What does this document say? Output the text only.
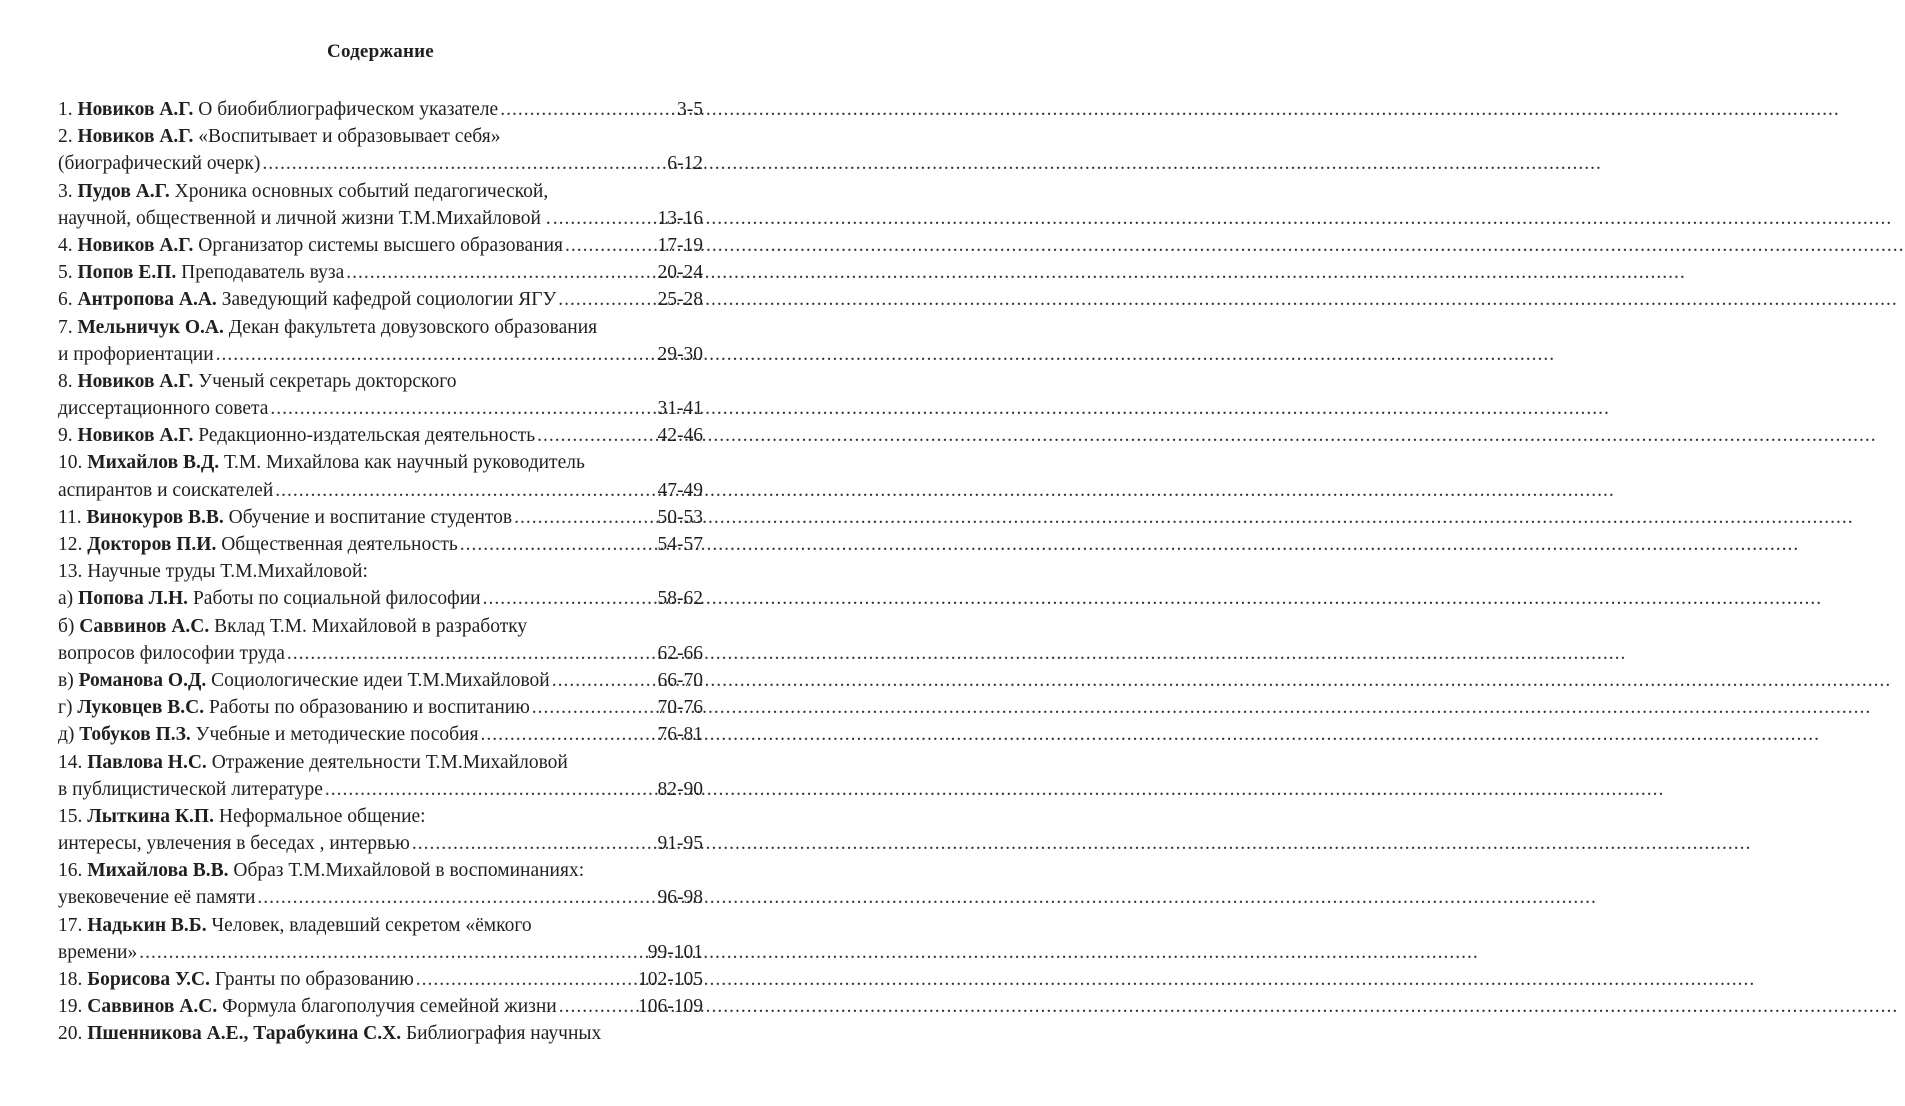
Содержание
1. Новиков А.Г. О биобиблиографическом указателе .....	3-5
2. Новиков А.Г. «Воспитывает и образовывает себя»
(биографический очерк) .....	6-12
3. Пудов А.Г. Хроника основных событий педагогической,
научной, общественной и личной жизни Т.М.Михайловой . .....	13-16
4. Новиков А.Г. Организатор системы высшего образования .....	17-19
5. Попов Е.П. Преподаватель вуза .....	20-24
6. Антропова А.А. Заведующий кафедрой социологии ЯГУ .....	25-28
7. Мельничук О.А. Декан факультета довузовского образования
и профориентации .....	29-30
8. Новиков А.Г. Ученый секретарь докторского
диссертационного совета .....	31-41
9. Новиков А.Г. Редакционно-издательская деятельность .....	42-46
10. Михайлов В.Д. Т.М. Михайлова как научный руководитель
аспирантов и соискателей .....	47-49
11. Винокуров В.В. Обучение и воспитание студентов .....	50-53
12. Докторов П.И. Общественная деятельность .....	54-57
13. Научные труды Т.М.Михайловой:
а) Попова Л.Н. Работы по социальной философии .....	58-62
б) Саввинов А.С. Вклад Т.М. Михайловой в разработку
вопросов философии труда .....	62-66
в) Романова О.Д. Социологические идеи Т.М.Михайловой .....	66-70
г) Луковцев В.С. Работы по образованию и воспитанию .....	70-76
д) Тобуков П.З. Учебные и методические пособия .....	76-81
14. Павлова Н.С. Отражение деятельности Т.М.Михайловой
в публицистической литературе .....	82-90
15. Лыткина К.П. Неформальное общение:
интересы, увлечения в беседах , интервью .....	91-95
16. Михайлова В.В. Образ Т.М.Михайловой в воспоминаниях:
увековечение её памяти .....	96-98
17. Надькин В.Б. Человек, владевший секретом «ёмкого
времени» .....	99-101
18. Борисова У.С. Гранты по образованию .....	102-105
19. Саввинов А.С. Формула благополучия семейной жизни .....	106-109
20. Пшенникова А.Е., Тарабукина С.Х. Библиография научных
